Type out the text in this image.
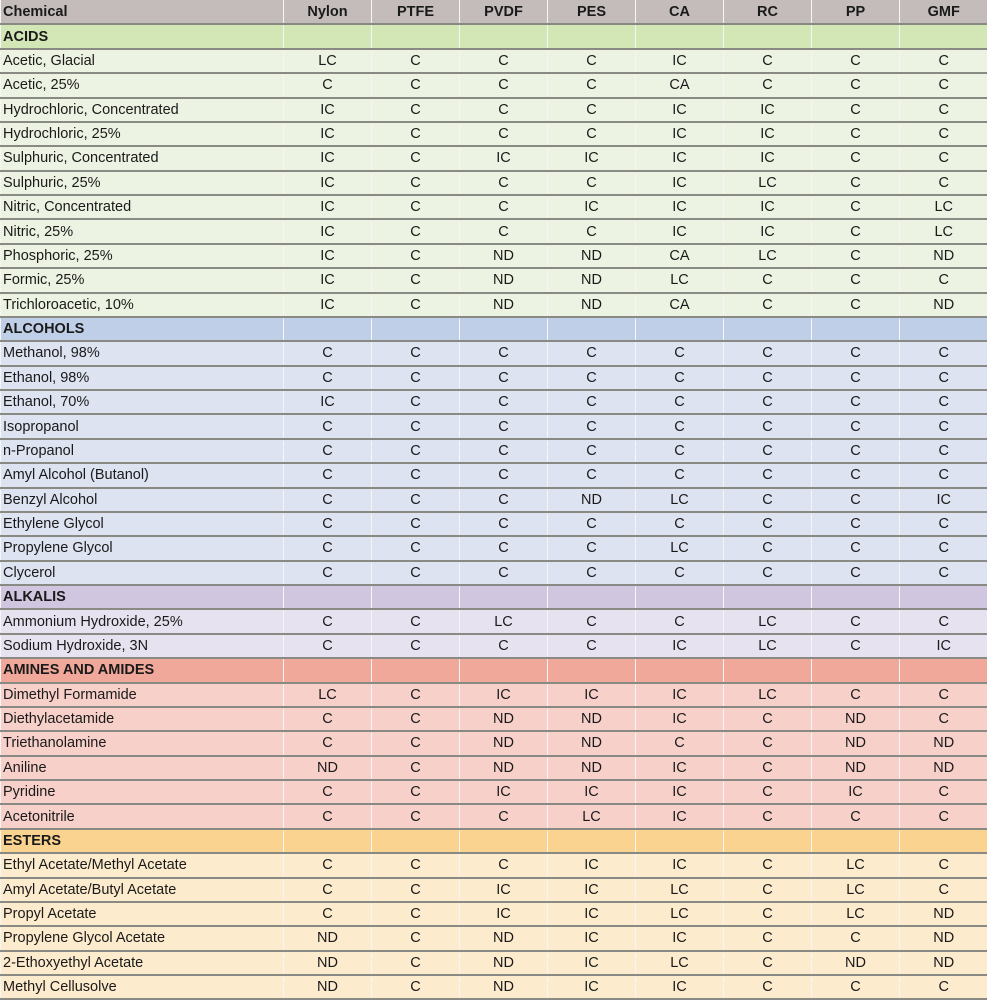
Chemical	Nylon	PTFE	PVDF	PES	CA	RC	PP	GMF
ACIDS								
Acetic, Glacial	LC	C	C	C	IC	C	C	C
Acetic, 25%	C	C	C	C	CA	C	C	C
Hydrochloric, Concentrated	IC	C	C	C	IC	IC	C	C
Hydrochloric, 25%	IC	C	C	C	IC	IC	C	C
Sulphuric, Concentrated	IC	C	IC	IC	IC	IC	C	C
Sulphuric, 25%	IC	C	C	C	IC	LC	C	C
Nitric, Concentrated	IC	C	C	IC	IC	IC	C	LC
Nitric, 25%	IC	C	C	C	IC	IC	C	LC
Phosphoric, 25%	IC	C	ND	ND	CA	LC	C	ND
Formic, 25%	IC	C	ND	ND	LC	C	C	C
Trichloroacetic, 10%	IC	C	ND	ND	CA	C	C	ND
ALCOHOLS								
Methanol, 98%	C	C	C	C	C	C	C	C
Ethanol, 98%	C	C	C	C	C	C	C	C
Ethanol, 70%	IC	C	C	C	C	C	C	C
Isopropanol	C	C	C	C	C	C	C	C
n-Propanol	C	C	C	C	C	C	C	C
Amyl Alcohol (Butanol)	C	C	C	C	C	C	C	C
Benzyl Alcohol	C	C	C	ND	LC	C	C	IC
Ethylene Glycol	C	C	C	C	C	C	C	C
Propylene Glycol	C	C	C	C	LC	C	C	C
Clycerol	C	C	C	C	C	C	C	C
ALKALIS								
Ammonium Hydroxide, 25%	C	C	LC	C	C	LC	C	C
Sodium Hydroxide, 3N	C	C	C	C	IC	LC	C	IC
AMINES AND AMIDES								
Dimethyl Formamide	LC	C	IC	IC	IC	LC	C	C
Diethylacetamide	C	C	ND	ND	IC	C	ND	C
Triethanolamine	C	C	ND	ND	C	C	ND	ND
Aniline	ND	C	ND	ND	IC	C	ND	ND
Pyridine	C	C	IC	IC	IC	C	IC	C
Acetonitrile	C	C	C	LC	IC	C	C	C
ESTERS								
Ethyl Acetate/Methyl Acetate	C	C	C	IC	IC	C	LC	C
Amyl Acetate/Butyl Acetate	C	C	IC	IC	LC	C	LC	C
Propyl Acetate	C	C	IC	IC	LC	C	LC	ND
Propylene Glycol Acetate	ND	C	ND	IC	IC	C	C	ND
2-Ethoxyethyl Acetate	ND	C	ND	IC	LC	C	ND	ND
Methyl Cellusolve	ND	C	ND	IC	IC	C	C	C
